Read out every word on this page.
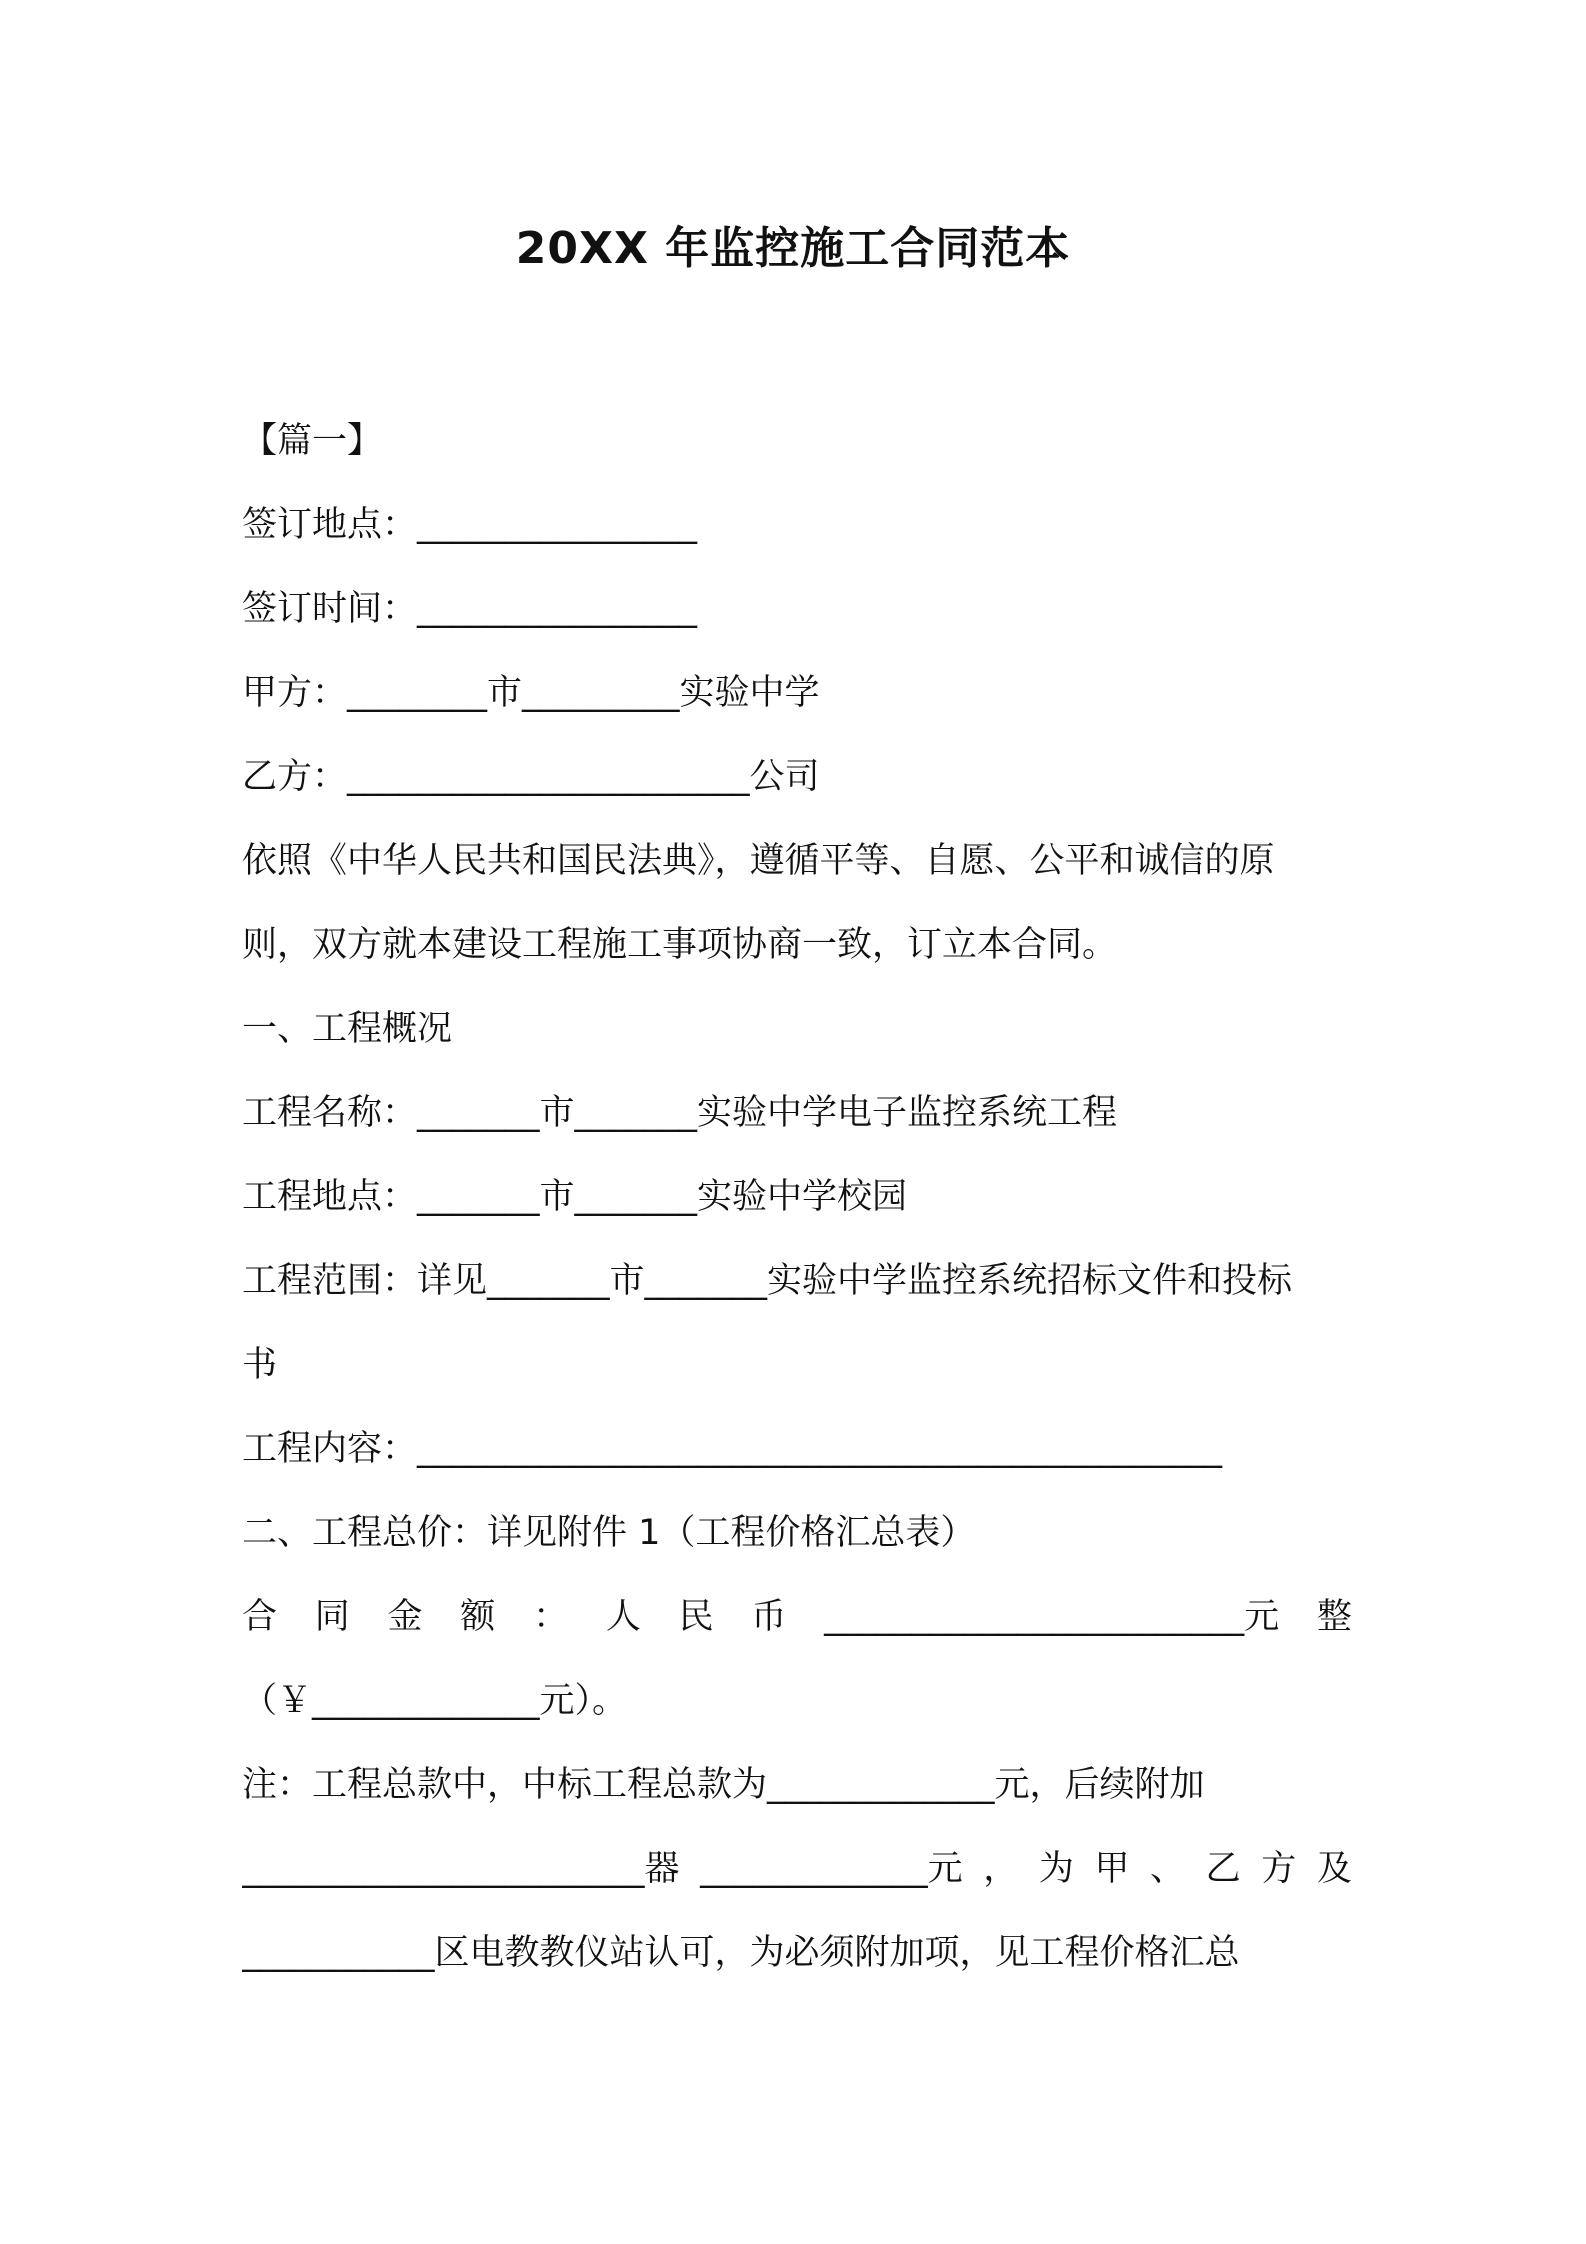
20XX 年监控施工合同范本
【篇一】
签订地点：________________
签订时间：________________
甲方：________市_________实验中学
乙方：_______________________公司
依照《中华人民共和国民法典》，遵循平等、自愿、公平和诚信的原
则，双方就本建设工程施工事项协商一致，订立本合同。
一、工程概况
工程名称：_______市_______实验中学电子监控系统工程
工程地点：_______市_______实验中学校园
工程范围：详见_______市_______实验中学监控系统招标文件和投标
书
工程内容：______________________________________________
二、工程总价：详见附件 1（工程价格汇总表）
合 同 金 额 ： 人 民 币 ________________________元 整
（￥_____________元）。
注：工程总款中，中标工程总款为_____________元，后续附加
_______________________器 _____________元 ， 为 甲 、 乙 方 及
___________区电教教仪站认可，为必须附加项，见工程价格汇总
